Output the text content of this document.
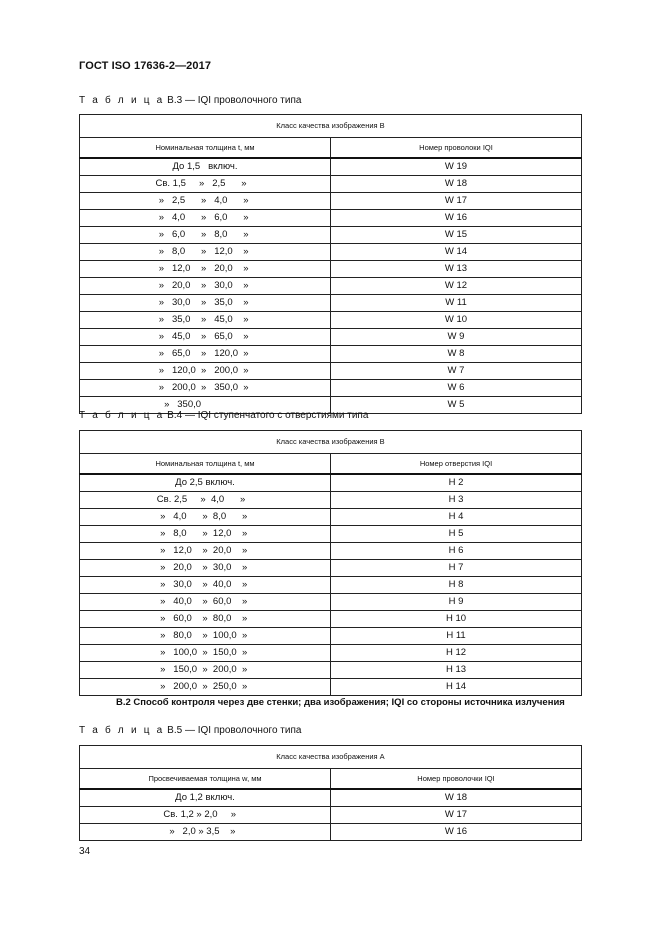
ГОСТ ISO 17636-2—2017
Т а б л и ц а В.3 — IQI проволочного типа
Класс качества изображения В	
Номинальная толщина t, мм	Номер проволоки IQI
До 1,5   включ.	W 19
Св. 1,5     »   2,5      »	W 18
»   2,5      »   4,0      »	W 17
»   4,0      »   6,0      »	W 16
»   6,0      »   8,0      »	W 15
»   8,0      »   12,0    »	W 14
»   12,0    »   20,0    »	W 13
»   20,0    »   30,0    »	W 12
»   30,0    »   35,0    »	W 11
»   35,0    »   45,0    »	W 10
»   45,0    »   65,0    »	W 9
»   65,0    »   120,0  »	W 8
»   120,0  »   200,0  »	W 7
»   200,0  »   350,0  »	W 6
»   350,0	W 5
Т а б л и ц а В.4 — IQI ступенчатого с отверстиями типа
Класс качества изображения В	
Номинальная толщина t, мм	Номер отверстия IQI
До 2,5 включ.	H 2
Св. 2,5     »  4,0      »	H 3
»   4,0      »  8,0      »	H 4
»   8,0      »  12,0    »	H 5
»   12,0    »  20,0    »	H 6
»   20,0    »  30,0    »	H 7
»   30,0    »  40,0    »	H 8
»   40,0    »  60,0    »	H 9
»   60,0    »  80,0    »	H 10
»   80,0    »  100,0  »	H 11
»   100,0  »  150,0  »	H 12
»   150,0  »  200,0  »	H 13
»   200,0  »  250,0  »	H 14
В.2 Способ контроля через две стенки; два изображения; IQI со стороны источника излучения
Т а б л и ц а В.5 — IQI проволочного типа
Класс качества изображения А	
Просвечиваемая толщина w, мм	Номер проволочки IQI
До 1,2 включ.	W 18
Св. 1,2 » 2,0     »	W 17
»   2,0 » 3,5    »	W 16
34
